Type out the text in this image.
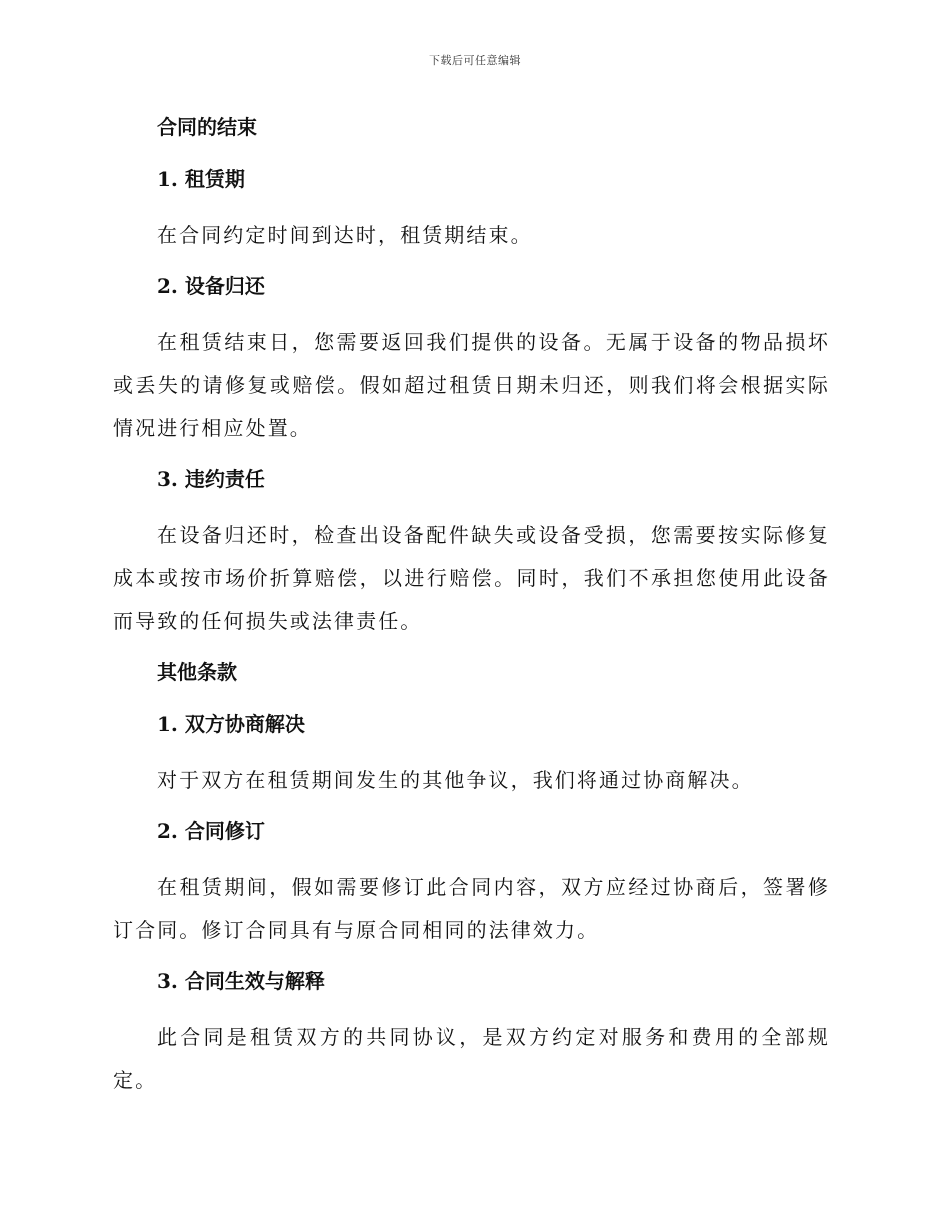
下载后可任意编辑
合同的结束
1. 租赁期

在合同约定时间到达时，租赁期结束。

2. 设备归还

在租赁结束日，您需要返回我们提供的设备。无属于设备的物品损坏或丢失的请修复或赔偿。假如超过租赁日期未归还，则我们将会根据实际情况进行相应处置。

3. 违约责任

在设备归还时，检查出设备配件缺失或设备受损，您需要按实际修复成本或按市场价折算赔偿，以进行赔偿。同时，我们不承担您使用此设备而导致的任何损失或法律责任。

其他条款
1. 双方协商解决

对于双方在租赁期间发生的其他争议，我们将通过协商解决。

2. 合同修订

在租赁期间，假如需要修订此合同内容，双方应经过协商后，签署修订合同。修订合同具有与原合同相同的法律效力。

3. 合同生效与解释

此合同是租赁双方的共同协议，是双方约定对服务和费用的全部规定。
